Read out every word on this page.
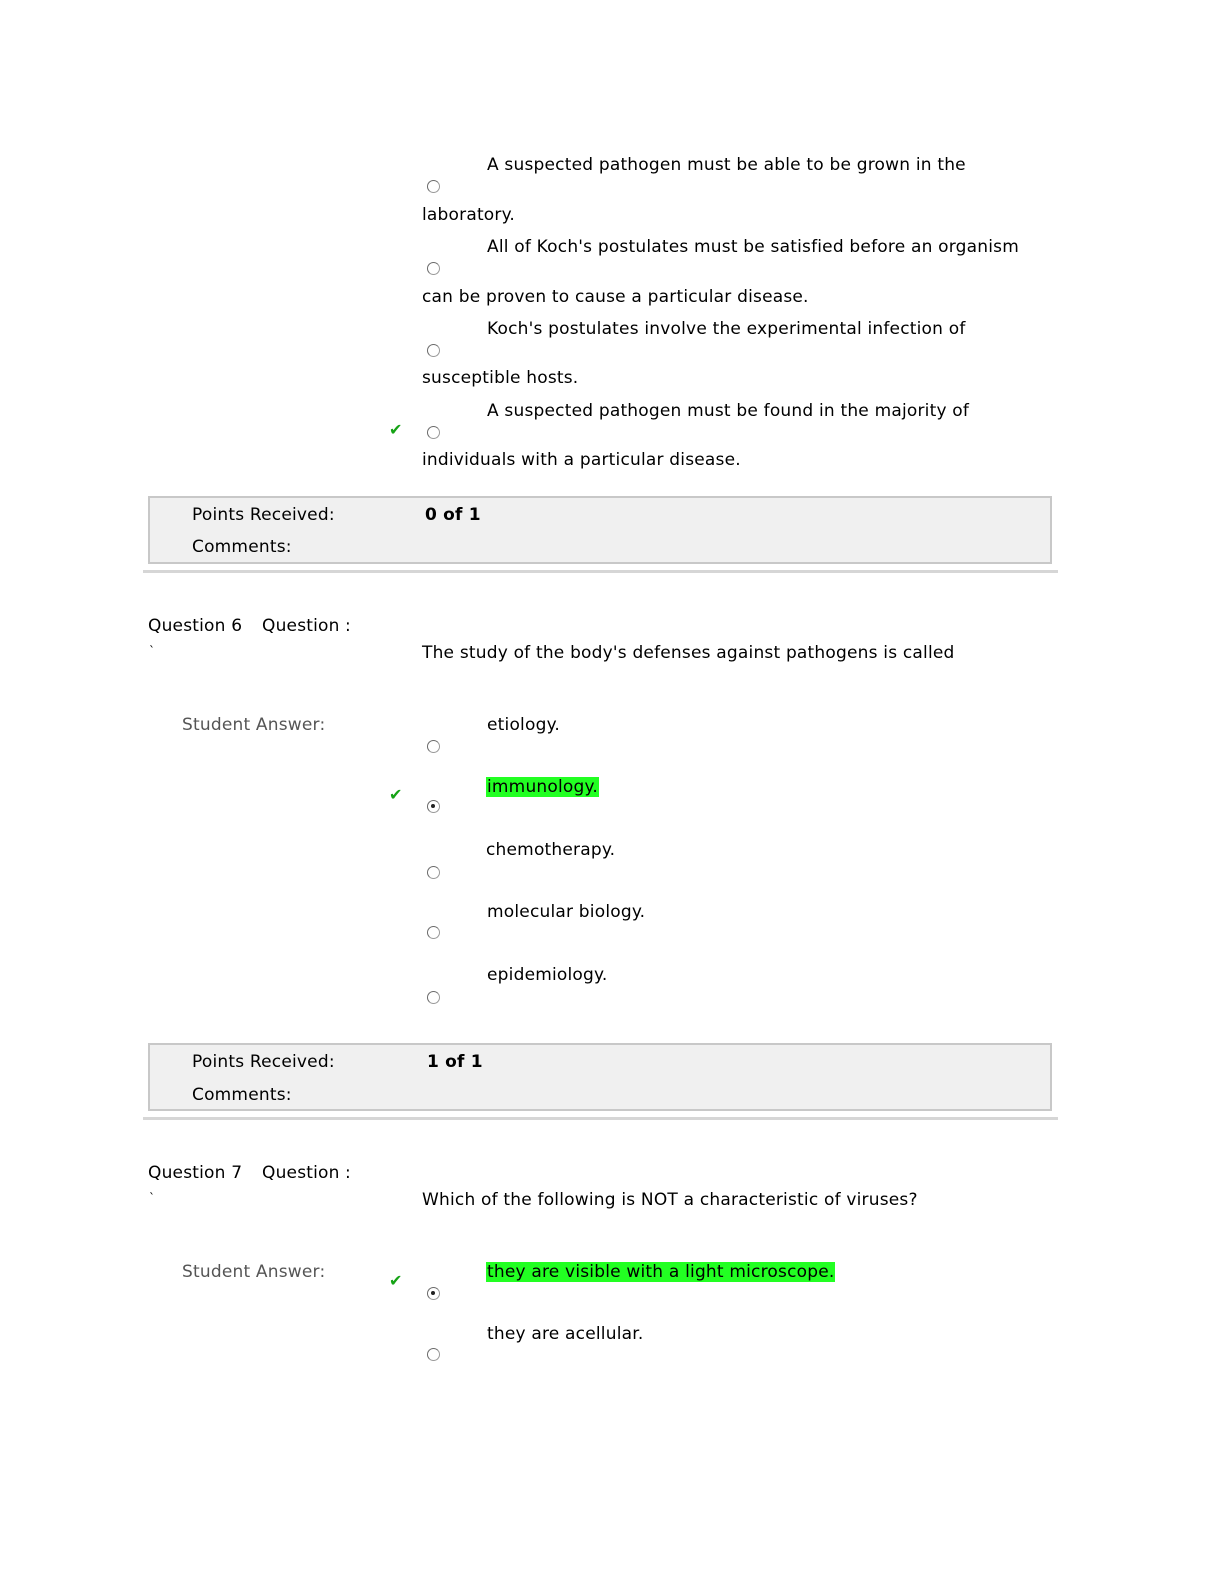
A suspected pathogen must be able to be grown in the
laboratory.
All of Koch's postulates must be satisfied before an organism
can be proven to cause a particular disease.
Koch's postulates involve the experimental infection of
susceptible hosts.
✔
A suspected pathogen must be found in the majority of
individuals with a particular disease.
Points Received:	0 of 1
Comments:
Question 6 Question :
`	The study of the body's defenses against pathogens is called
Student Answer:	etiology.
✔	immunology.
chemotherapy.
molecular biology.
epidemiology.
Points Received:	1 of 1
Comments:
Question 7 Question :
`	Which of the following is NOT a characteristic of viruses?
Student Answer:	✔	they are visible with a light microscope.
they are acellular.
